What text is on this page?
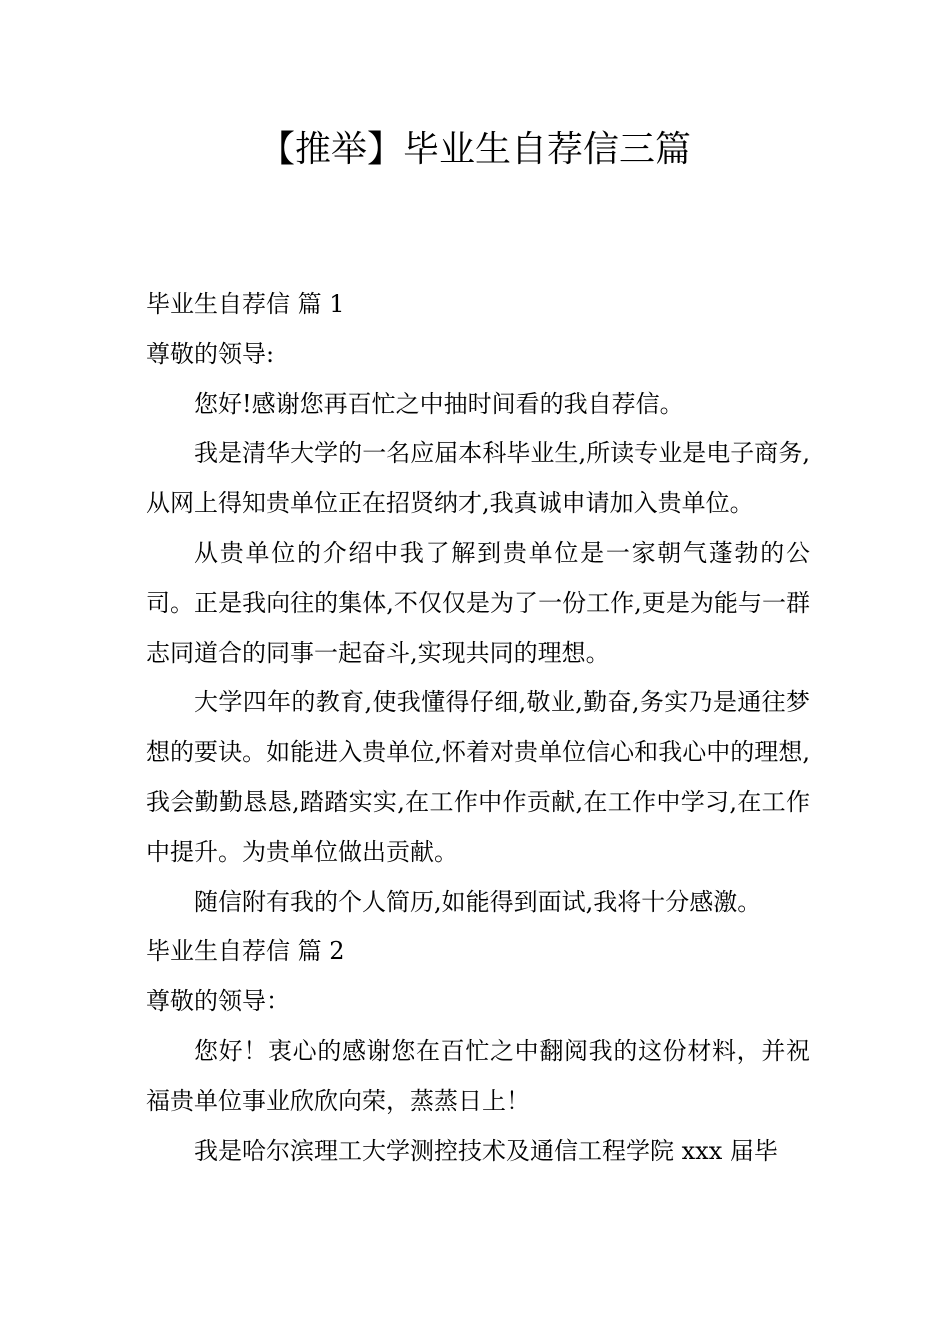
【推举】毕业生自荐信三篇
毕业生自荐信 篇 1
尊敬的领导:

您好!感谢您再百忙之中抽时间看的我自荐信。

我是清华大学的一名应届本科毕业生,所读专业是电子商务,从网上得知贵单位正在招贤纳才,我真诚申请加入贵单位。

从贵单位的介绍中我了解到贵单位是一家朝气蓬勃的公司。正是我向往的集体,不仅仅是为了一份工作,更是为能与一群志同道合的同事一起奋斗,实现共同的理想。

大学四年的教育,使我懂得仔细,敬业,勤奋,务实乃是通往梦想的要诀。如能进入贵单位,怀着对贵单位信心和我心中的理想,我会勤勤恳恳,踏踏实实,在工作中作贡献,在工作中学习,在工作中提升。为贵单位做出贡献。

随信附有我的个人简历,如能得到面试,我将十分感激。

毕业生自荐信 篇 2
尊敬的领导：

您好！衷心的感谢您在百忙之中翻阅我的这份材料，并祝福贵单位事业欣欣向荣，蒸蒸日上！

我是哈尔滨理工大学测控技术及通信工程学院 xxx 届毕
